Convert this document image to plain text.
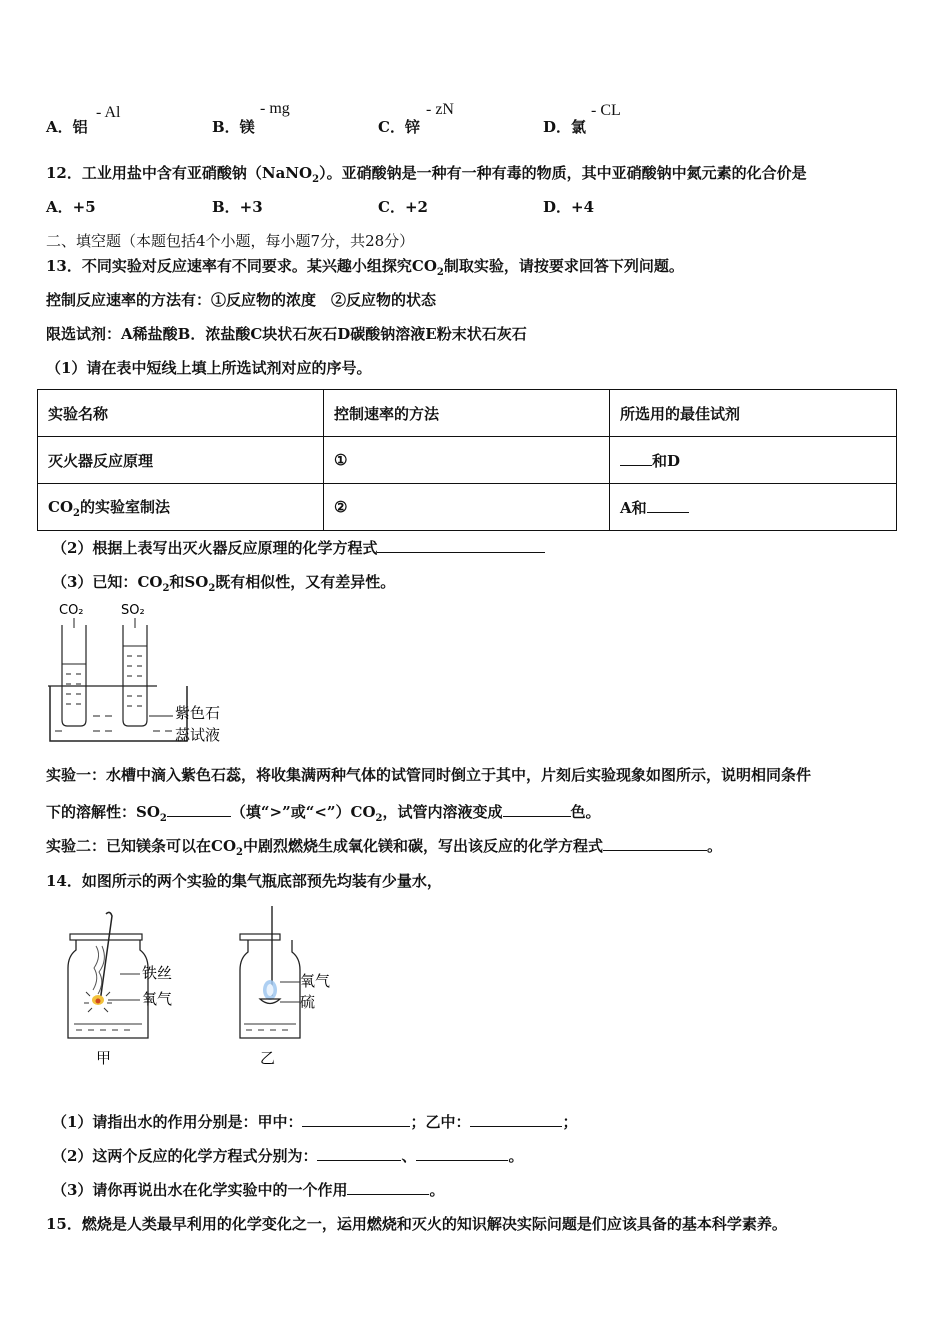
A．铝
- Al
B．镁
- mg
C．锌
- zN
D．氯
- CL
12．工业用盐中含有亚硝酸钠（NaNO$_2$）。亚硝酸钠是一种有一种有毒的物质，其中亚硝酸钠中氮元素的化合价是
A．+5	B．+3	C．+2	D．+4
二、填空题（本题包括4个小题，每小题7分，共28分）
13．不同实验对反应速率有不同要求。某兴趣小组探究$CO_2$制取实验，请按要求回答下列问题。
控制反应速率的方法有：①反应物的浓度　②反应物的状态
限选试剂：A稀盐酸B．浓盐酸C块状石灰石D碳酸钠溶液E粉末状石灰石
（1）请在表中短线上填上所选试剂对应的序号。
实验名称	控制速率的方法	所选用的最佳试剂
灭火器反应原理	①	和D
$CO_2$的实验室制法	②	A和
（2）根据上表写出灭火器反应原理的化学方程式
（3）已知：$CO_2$和$SO_2$既有相似性，又有差异性。
CO₂	SO₂
紫色石
蕊试液
实验一：水槽中滴入紫色石蕊，将收集满两种气体的试管同时倒立于其中，片刻后实验现象如图所示，说明相同条件
下的溶解性：$SO_2$	（填“>”或“$<”)CO_2$，试管内溶液变成	色。
实验二：已知镁条可以在$CO_2$中剧烈燃烧生成氧化镁和碳，写出该反应的化学方程式	。
14．如图所示的两个实验的集气瓶底部预先均装有少量水，
铁丝
氧气
甲
氧气
硫
乙
（1）请指出水的作用分别是：甲中：	；乙中：	；
（2）这两个反应的化学方程式分别为：	、	。
（3）请你再说出水在化学实验中的一个作用	。
15．燃烧是人类最早利用的化学变化之一，运用燃烧和灭火的知识解决实际问题是们应该具备的基本科学素养。
